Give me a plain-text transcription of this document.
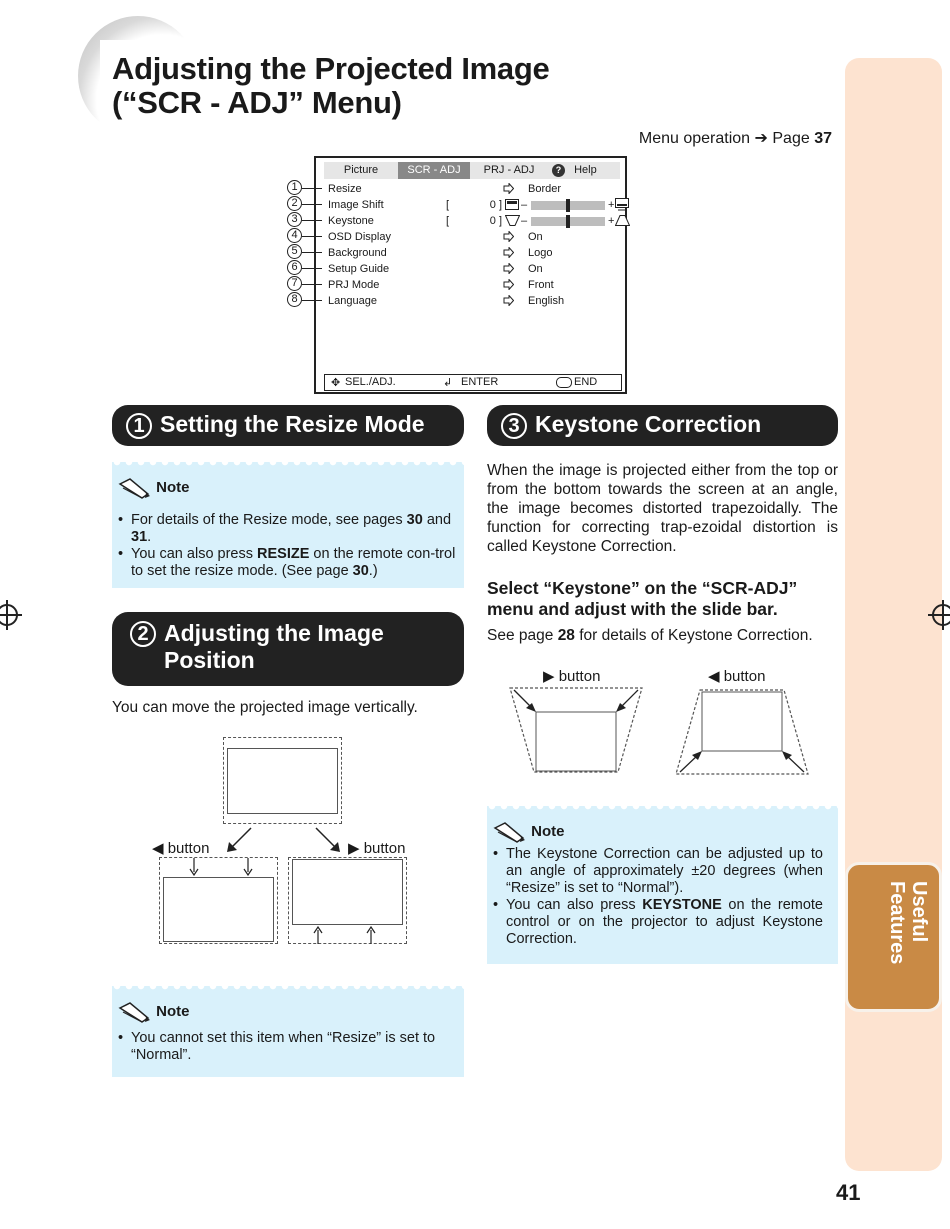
Useful Features
Adjusting the Projected Image
(“SCR - ADJ” Menu)
Menu operation ➔ Page 37
Picture	SCR - ADJ	PRJ - ADJ	? Help
Resize	Border
Image Shift	[	0 ] –	+
Keystone	[	0 ] –	+
OSD Display	On
Background	Logo
Setup Guide	On
PRJ Mode	Front
Language	English
✥ SEL./ADJ.	↲ ENTER	END
1
2
3
4
5
6
7
8
1 Setting the Resize Mode
Note
• For details of the Resize mode, see pages 30 and 31.
• You can also press RESIZE on the remote con-trol to set the resize mode. (See page 30.)
2 Adjusting the Image
Position
You can move the projected image vertically.
◀ button	▶ button
Note
• You cannot set this item when “Resize” is set to “Normal”.
3 Keystone Correction
When the image is projected either from the top or from the bottom towards the screen at an angle, the image becomes distorted trapezoidally. The function for correcting trap-ezoidal distortion is called Keystone Correction.
Select “Keystone” on the “SCR-ADJ” menu and adjust with the slide bar.
See page 28 for details of Keystone Correction.
▶ button	◀ button
Note
• The Keystone Correction can be adjusted up to an angle of approximately ±20 degrees (when “Resize” is set to “Normal”).
• You can also press KEYSTONE on the remote control or on the projector to adjust Keystone Correction.
41
